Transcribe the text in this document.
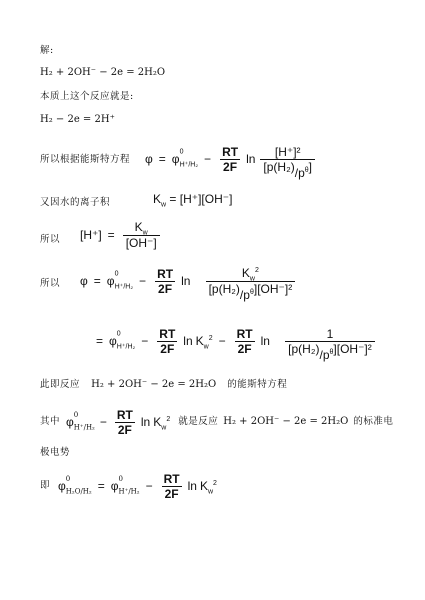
解:
H₂ + 2OH⁻ − 2e = 2H₂O
本质上这个反应就是:
H₂ − 2e = 2H⁺
所以根据能斯特方程 φ = φ $^0$
$_{H^+/H_2} - \frac{RT}{2F}$ $\ln \frac{\text{[H⁺]²}}{[p(H_2)/p^\theta]}$
又因水的离子积	$K_w = [H^+][OH^-]$
所以 $[H^+] = \frac{K_w}{[OH^-]}$
所以 φ = φ $^0$
$_{H^+/H_2} - \frac{RT}{2F}$ $\ln \frac{K_w^2}{[p(H_2)/p^\theta][OH^-]^2}$
= φ $^0$
$_{H^+/H_2} - \frac{RT}{2F}$ $\ln K_w^2 - \frac{RT}{2F}$ $\ln \frac{1}{[p(H_2)/p^\theta][OH^-]^2}$
此即反应 H₂ + 2OH⁻ − 2e = 2H₂O 的能斯特方程
其中 φ
$^0$
$_{H^+/H_2} - \frac{RT}{2F}$ $\ln K_w^2$ 就是反应 H₂ + 2OH⁻ − 2e = 2H₂O 的标准电
极电势
即 φ
$^0$
$_{H_2O/H_2}$ = φ
$^0$
$_{H^+/H_2} - \frac{RT}{2F}$ $\ln K_w^2$
